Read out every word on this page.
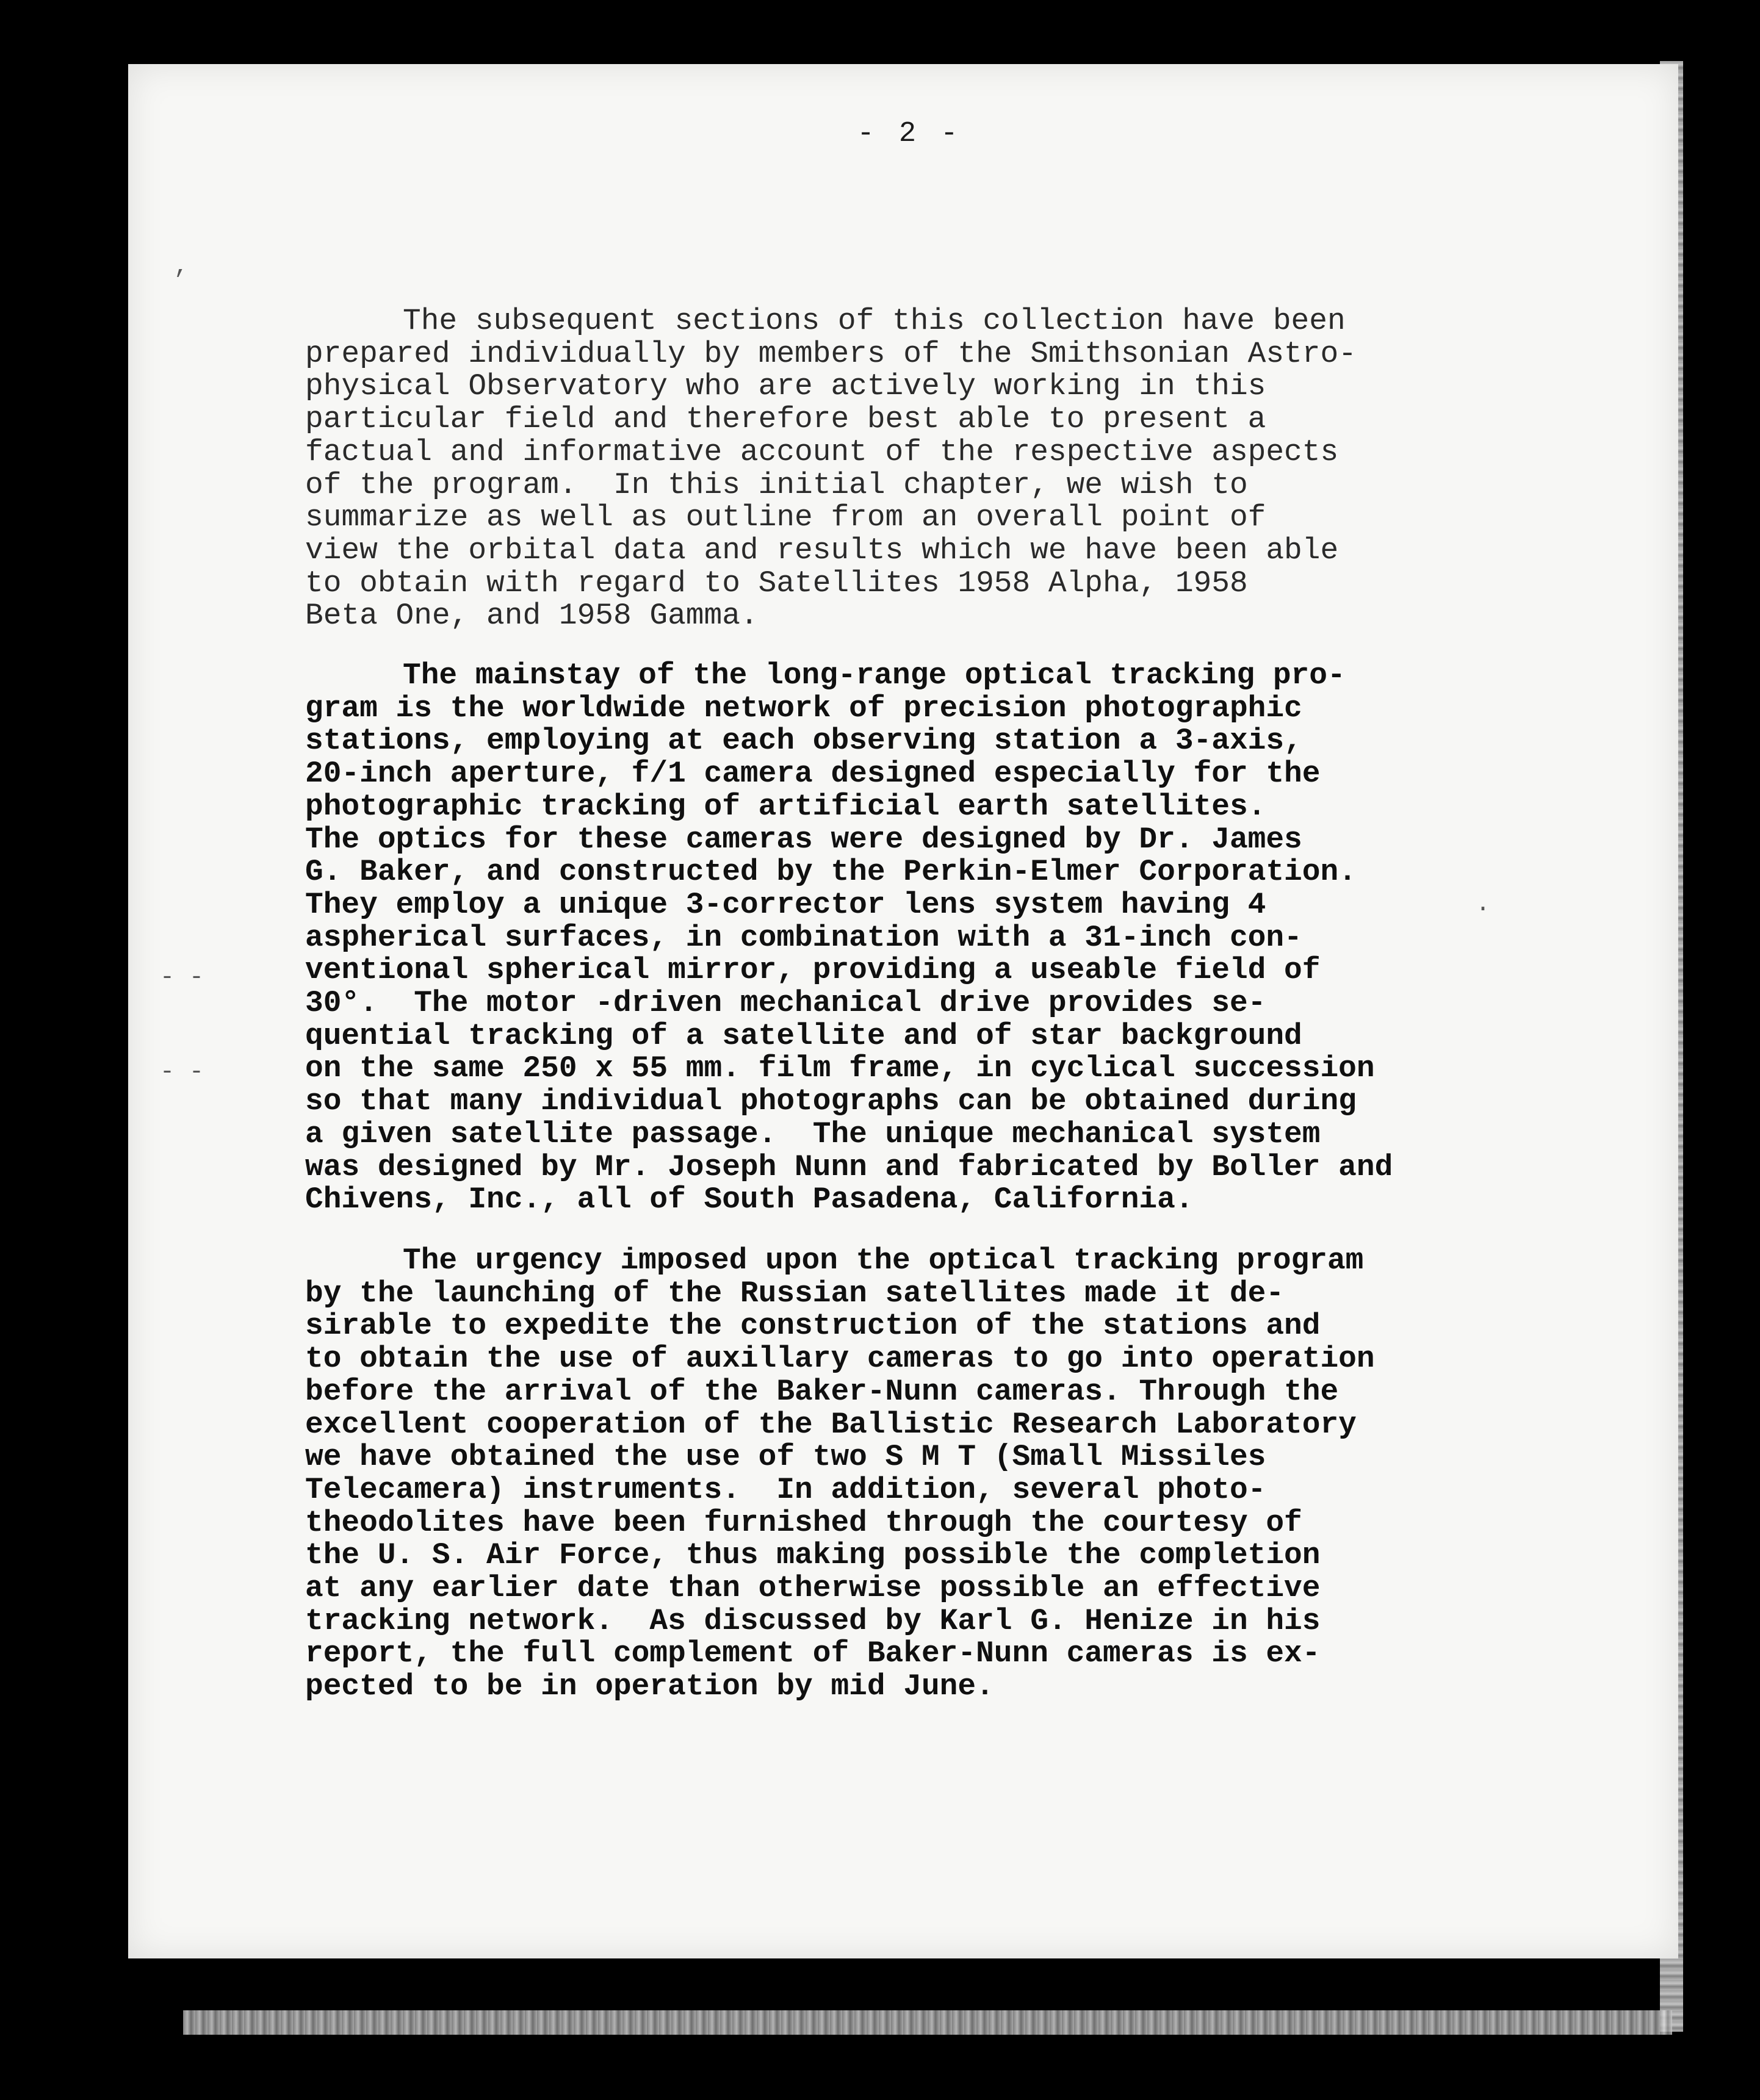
,
- -
- -
.
- 2 -
The subsequent sections of this collection have been
prepared individually by members of the Smithsonian Astro-
physical Observatory who are actively working in this
particular field and therefore best able to present a
factual and informative account of the respective aspects
of the program.  In this initial chapter, we wish to
summarize as well as outline from an overall point of
view the orbital data and results which we have been able
to obtain with regard to Satellites 1958 Alpha, 1958
Beta One, and 1958 Gamma.
The mainstay of the long-range optical tracking pro-
gram is the worldwide network of precision photographic
stations, employing at each observing station a 3-axis,
20-inch aperture, f/1 camera designed especially for the
photographic tracking of artificial earth satellites.
The optics for these cameras were designed by Dr. James
G. Baker, and constructed by the Perkin-Elmer Corporation.
They employ a unique 3-corrector lens system having 4
aspherical surfaces, in combination with a 31-inch con-
ventional spherical mirror, providing a useable field of
30°.  The motor -driven mechanical drive provides se-
quential tracking of a satellite and of star background
on the same 250 x 55 mm. film frame, in cyclical succession
so that many individual photographs can be obtained during
a given satellite passage.  The unique mechanical system
was designed by Mr. Joseph Nunn and fabricated by Boller and
Chivens, Inc., all of South Pasadena, California.
The urgency imposed upon the optical tracking program
by the launching of the Russian satellites made it de-
sirable to expedite the construction of the stations and
to obtain the use of auxillary cameras to go into operation
before the arrival of the Baker-Nunn cameras. Through the
excellent cooperation of the Ballistic Research Laboratory
we have obtained the use of two S M T (Small Missiles
Telecamera) instruments.  In addition, several photo-
theodolites have been furnished through the courtesy of
the U. S. Air Force, thus making possible the completion
at any earlier date than otherwise possible an effective
tracking network.  As discussed by Karl G. Henize in his
report, the full complement of Baker-Nunn cameras is ex-
pected to be in operation by mid June.
